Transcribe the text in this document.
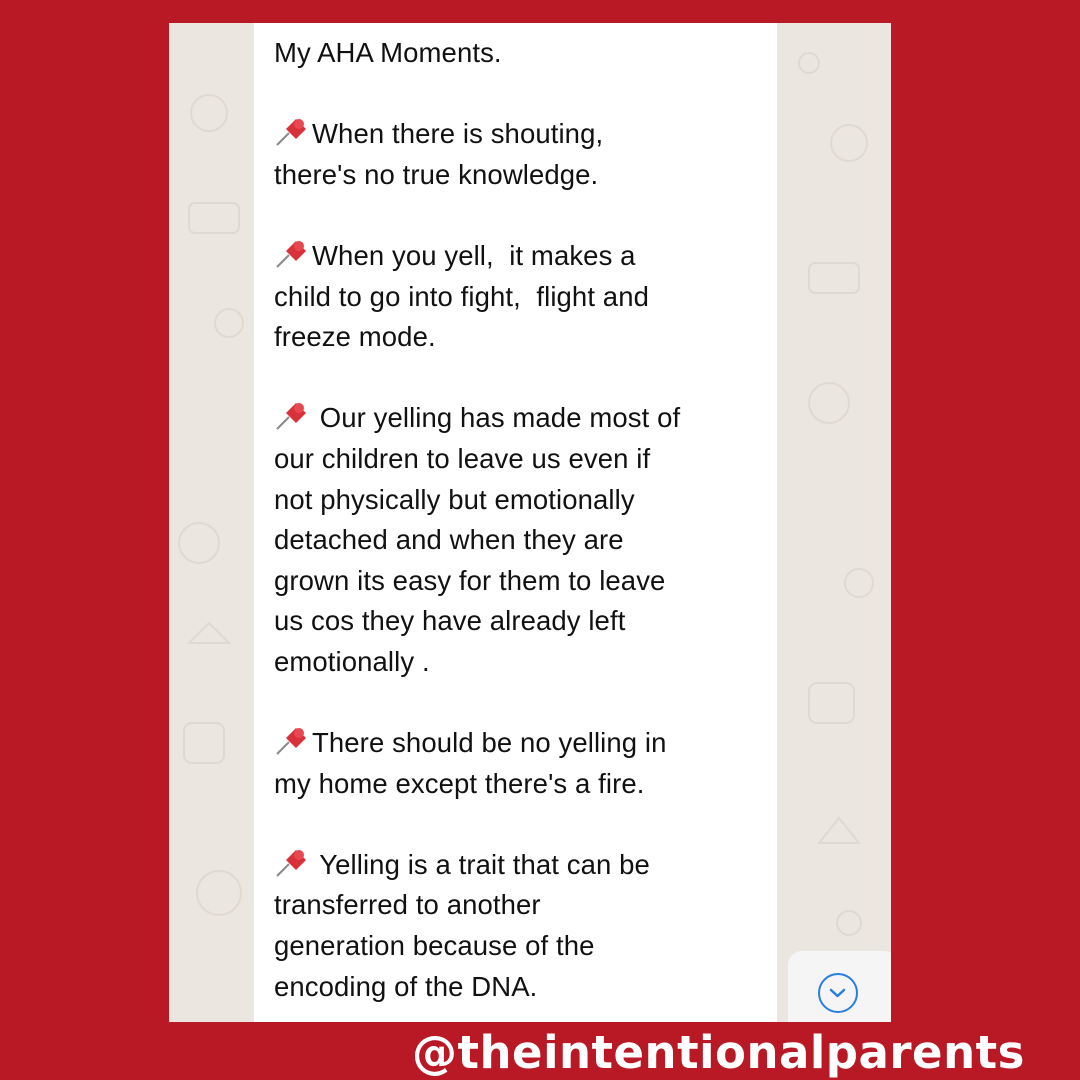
My AHA Moments.
When there is shouting,
there's no true knowledge.
When you yell,  it makes a
child to go into fight,  flight and
freeze mode.
Our yelling has made most of
our children to leave us even if
not physically but emotionally
detached and when they are
grown its easy for them to leave
us cos they have already left
emotionally .
There should be no yelling in
my home except there's a fire.
Yelling is a trait that can be
transferred to another
generation because of the
encoding of the DNA.
@theintentionalparents
